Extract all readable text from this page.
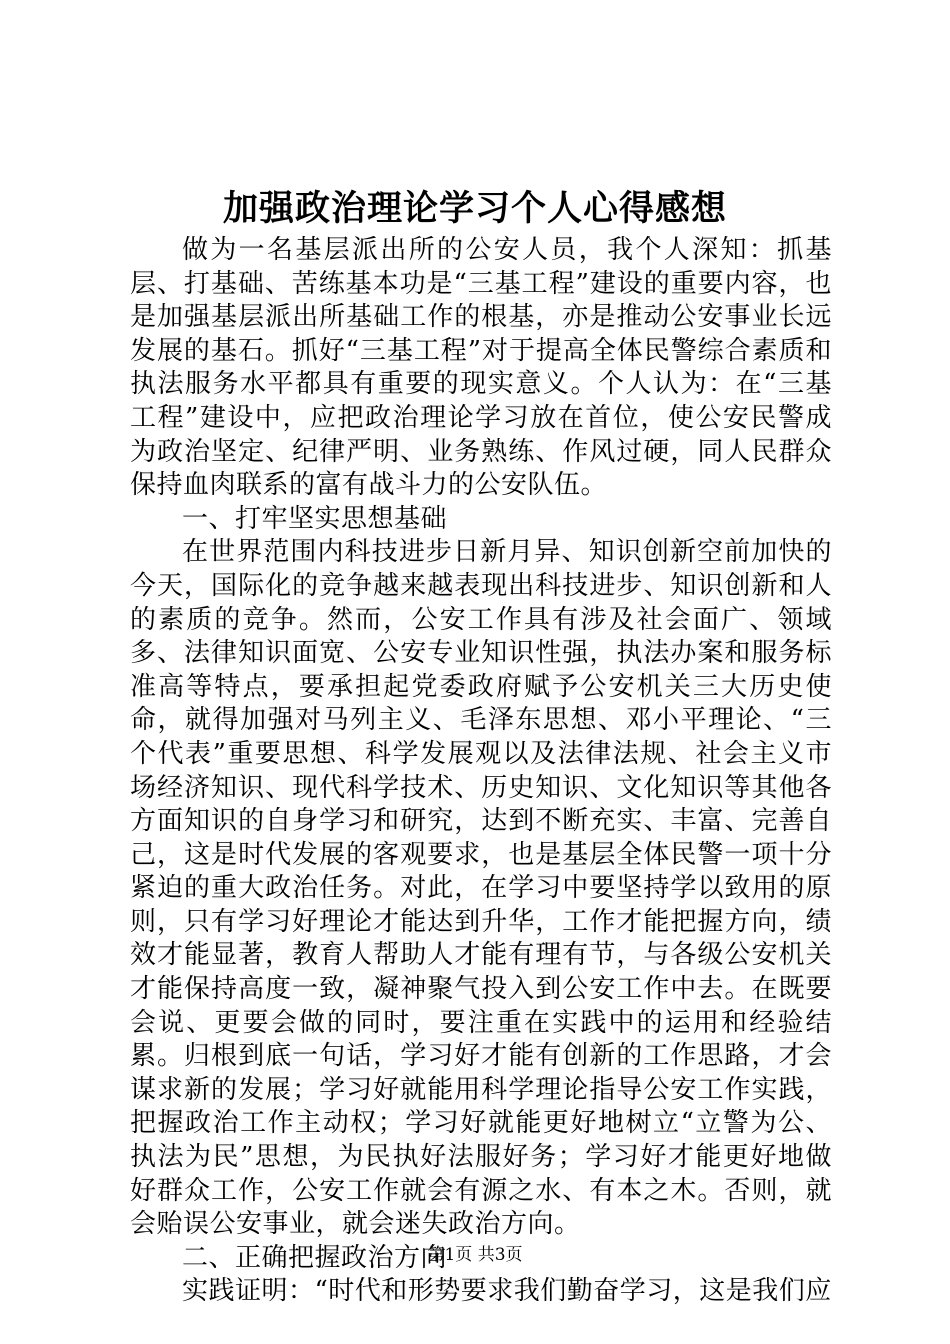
加强政治理论学习个人心得感想

做为一名基层派出所的公安人员，我个人深知：抓基层、打基础、苦练基本功是“三基工程”建设的重要内容，也是加强基层派出所基础工作的根基，亦是推动公安事业长远发展的基石。抓好“三基工程”对于提高全体民警综合素质和执法服务水平都具有重要的现实意义。个人认为：在“三基工程”建设中，应把政治理论学习放在首位，使公安民警成为政治坚定、纪律严明、业务熟练、作风过硬，同人民群众保持血肉联系的富有战斗力的公安队伍。

一、打牢坚实思想基础

在世界范围内科技进步日新月异、知识创新空前加快的今天，国际化的竞争越来越表现出科技进步、知识创新和人的素质的竞争。然而，公安工作具有涉及社会面广、领域多、法律知识面宽、公安专业知识性强，执法办案和服务标准高等特点，要承担起党委政府赋予公安机关三大历史使命，就得加强对马列主义、毛泽东思想、邓小平理论、“三个代表”重要思想、科学发展观以及法律法规、社会主义市场经济知识、现代科学技术、历史知识、文化知识等其他各方面知识的自身学习和研究，达到不断充实、丰富、完善自己，这是时代发展的客观要求，也是基层全体民警一项十分紧迫的重大政治任务。对此，在学习中要坚持学以致用的原则，只有学习好理论才能达到升华，工作才能把握方向，绩效才能显著，教育人帮助人才能有理有节，与各级公安机关才能保持高度一致，凝神聚气投入到公安工作中去。在既要会说、更要会做的同时，要注重在实践中的运用和经验结累。归根到底一句话，学习好才能有创新的工作思路，才会谋求新的发展；学习好就能用科学理论指导公安工作实践，把握政治工作主动权；学习好就能更好地树立“立警为公、执法为民”思想，为民执好法服好务；学习好才能更好地做好群众工作，公安工作就会有源之水、有本之木。否则，就会贻误公安事业，就会迷失政治方向。

二、正确把握政治方向

实践证明：“时代和形势要求我们勤奋学习，这是我们应

第1页 共3页
